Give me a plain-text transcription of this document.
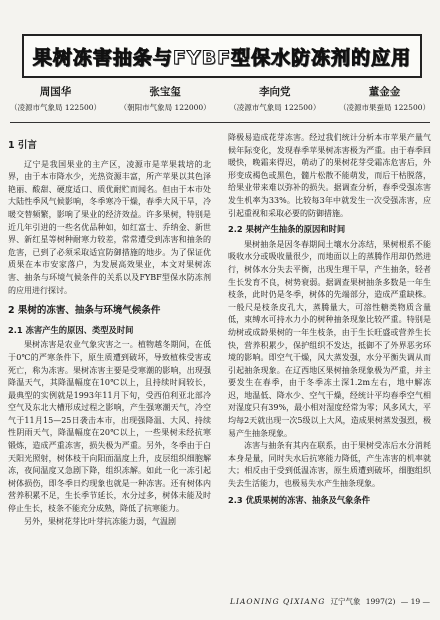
果树冻害抽条与FYBF型保水防冻剂的应用
周国华
（凌源市气象局 122500）
张宝玺
（朝阳市气象局 122000）
李向党
（凌源市气象局 122500）
董金金
（凌源市果蚕局 122500）
1 引言

辽宁是我国果业的主产区，凌源市是苹果栽培的北界，由于本市降水少，光热资源丰富，所产苹果以其色泽艳丽、酸甜、硬度适口、质优耐贮而闻名。但由于本市处大陆性季风气候影响，冬季寒冷干燥，春季大风干旱，冷暖交替频繁，影响了果业的经济效益。许多果树，特别是近几年引进的一些名优品种如，如红富士、乔纳金、新世界、新红星等树种耐寒力较差，常常遭受到冻害和抽条的危害，已到了必须采取适宜防御措施的地步。为了保证优质果在本市安家落户，为发展高效果业，本文对果树冻害、抽条与环境气候条件的关系以及FYBF型保水防冻剂的应用进行探讨。

2 果树的冻害、抽条与环境气候条件
2.1 冻害产生的原因、类型及时间

果树冻害是农业气象灾害之一。植物越冬期间，在低于0℃的严寒条件下，原生质遭到破坏，导致植株受害或死亡，称为冻害。果树冻害主要是受寒潮的影响，出现强降温天气，其降温幅度在10℃以上，且持续时间较长，最典型的实例就是1993年11月下旬，受西伯利亚北部冷空气及东北大槽形成过程之影响，产生强寒潮天气，冷空气于11月15—25日袭击本市，出现强降温、大风、持续性阴雨天气，降温幅度在20℃以上，一些果树未经抗寒锻炼，造成严重冻害，损失极为严重。另外，冬季由于白天阳光照射，树体枝干向阳面温度上升，皮层组织细胞解冻，夜间温度又急剧下降，组织冻解。如此一化一冻引起树体损伤，即冬季日灼现象也就是一种冻害。还有树体内营养积累不足，生长季节延长，水分过多，树体未能及时停止生长，枝条不能充分成熟，降低了抗寒能力。

另外，果树花芽比叶芽抗冻能力弱，气温剧

降极易造成花芽冻害。经过我们统计分析本市苹果产量气候年际变化，发现春季苹果树冻害极为严重。由于春季回暖快，晚霜来得迟，萌动了的果树花芽受霜冻危害后，外形变成褐色或黑色，髓片松散不能萌发，而后干枯脱落，给果业带来难以弥补的损失。据调查分析，春季受强冻害发生机率为33%。比较每3年中就发生一次受强冻害，应引起重视和采取必要的防御措施。

2.2 果树产生抽条的原因和时间

果树抽条是因冬春期间土壤水分冻结，果树根系不能吸收水分或吸收量很少，而地面以上的蒸腾作用却仍然进行，树体水分失去平衡，出现生理干旱，产生抽条，轻者生长发育不良，树势衰弱。据调查果树抽条多数是一年生枝条，此时仍是冬季，树体的先端部分，造成严重缺株。一般尺是枝条皮孔大，蒸腾量大，可溶性糖类物质含量低，束缚水可持水力小的树种抽条现象比较严重。特别是幼树或成龄果树的一年生枝条，由于生长旺盛或营养生长快，营养积累少，保护组织不发达，抵御不了外界恶劣环境的影响。即空气干燥，风大蒸发强，水分平衡失调从而引起抽条现象。在辽西地区果树抽条现象极为严重，并主要发生在春季，由于冬季冻土深1.2m左右，地中解冻迟，地温低、降水少、空气干燥，经统计平均春季空气相对湿度只有39%，最小相对湿度经常为零；风多风大，平均每2天就出现一次5级以上大风，造成果树蒸发强烈，极易产生抽条现象。

冻害与抽条有其内在联系，由于果树受冻后水分消耗本身是量，同时失水后抗寒能力降低，产生冻害的机率就大；相反由于受到低温冻害，原生质遭到破坏，细胞组织失去生活能力，也极易失水产生抽条现象。

2.3 优质果树的冻害、抽条及气象条件
LIAONING QIXIANG 辽宁气象 1997(2) — 19 —
